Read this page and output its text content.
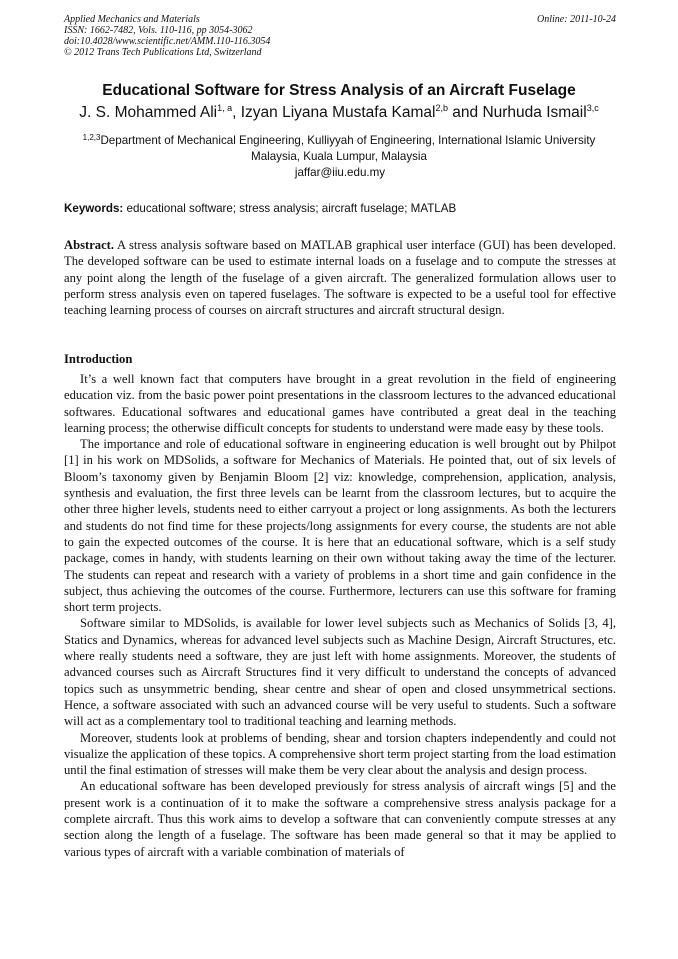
Applied Mechanics and Materials
ISSN: 1662-7482, Vols. 110-116, pp 3054-3062
doi:10.4028/www.scientific.net/AMM.110-116.3054
© 2012 Trans Tech Publications Ltd, Switzerland
Online: 2011-10-24
Educational Software for Stress Analysis of an Aircraft Fuselage
J. S. Mohammed Ali$^{1, a}$, Izyan Liyana Mustafa Kamal$^{2,b}$ and Nurhuda Ismail$^{3,c}$
$^{1,2,3}$Department of Mechanical Engineering, Kulliyyah of Engineering, International Islamic University Malaysia, Kuala Lumpur, Malaysia
jaffar@iiu.edu.my
Keywords: educational software; stress analysis; aircraft fuselage; MATLAB
Abstract. A stress analysis software based on MATLAB graphical user interface (GUI) has been developed. The developed software can be used to estimate internal loads on a fuselage and to compute the stresses at any point along the length of the fuselage of a given aircraft. The generalized formulation allows user to perform stress analysis even on tapered fuselages. The software is expected to be a useful tool for effective teaching learning process of courses on aircraft structures and aircraft structural design.
Introduction

It’s a well known fact that computers have brought in a great revolution in the field of engineering education viz. from the basic power point presentations in the classroom lectures to the advanced educational softwares. Educational softwares and educational games have contributed a great deal in the teaching learning process; the otherwise difficult concepts for students to understand were made easy by these tools.

The importance and role of educational software in engineering education is well brought out by Philpot [1] in his work on MDSolids, a software for Mechanics of Materials. He pointed that, out of six levels of Bloom’s taxonomy given by Benjamin Bloom [2] viz: knowledge, comprehension, application, analysis, synthesis and evaluation, the first three levels can be learnt from the classroom lectures, but to acquire the other three higher levels, students need to either carryout a project or long assignments. As both the lecturers and students do not find time for these projects/long assignments for every course, the students are not able to gain the expected outcomes of the course. It is here that an educational software, which is a self study package, comes in handy, with students learning on their own without taking away the time of the lecturer. The students can repeat and research with a variety of problems in a short time and gain confidence in the subject, thus achieving the outcomes of the course. Furthermore, lecturers can use this software for framing short term projects.

Software similar to MDSolids, is available for lower level subjects such as Mechanics of Solids [3, 4], Statics and Dynamics, whereas for advanced level subjects such as Machine Design, Aircraft Structures, etc. where really students need a software, they are just left with home assignments. Moreover, the students of advanced courses such as Aircraft Structures find it very difficult to understand the concepts of advanced topics such as unsymmetric bending, shear centre and shear of open and closed unsymmetrical sections. Hence, a software associated with such an advanced course will be very useful to students. Such a software will act as a complementary tool to traditional teaching and learning methods.

Moreover, students look at problems of bending, shear and torsion chapters independently and could not visualize the application of these topics. A comprehensive short term project starting from the load estimation until the final estimation of stresses will make them be very clear about the analysis and design process.

An educational software has been developed previously for stress analysis of aircraft wings [5] and the present work is a continuation of it to make the software a comprehensive stress analysis package for a complete aircraft. Thus this work aims to develop a software that can conveniently compute stresses at any section along the length of a fuselage. The software has been made general so that it may be applied to various types of aircraft with a variable combination of materials of
